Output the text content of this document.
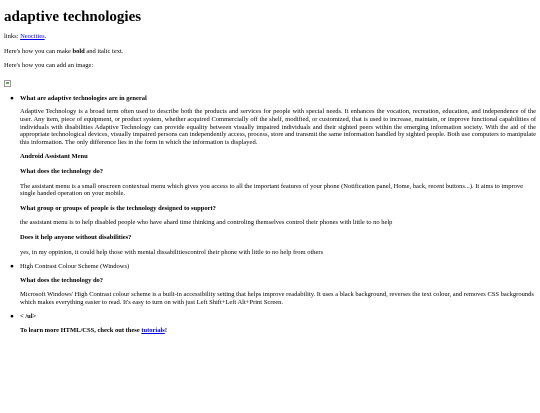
adaptive technologies

links: Neocities.

Here's how you can make bold and italic text.

Here's how you can add an image:

● What are adaptive technologies are in general

Adaptive Technology is a broad term often used to describe both the products and services for people with special needs. It enhances the vocation, recreation, education, and independence of the user. Any item, piece of equipment, or product system, whether acquired Commercially off the shelf, modified, or customized, that is used to increase, maintain, or improve functional capabilities of individuals with disabilities Adaptive Technology can provide equality between visually impaired individuals and their sighted peers within the emerging information society. With the aid of the appropriate technological devices, visually impaired persons can independently access, process, store and transmit the same information handled by sighted people. Both use computers to manipulate this information. The only difference lies in the form in which the information is displayed.

Android Assistant Menu

What does the technology do?

The assistant menu is a small onscreen contextual menu which gives you access to all the important features of your phone (Notification panel, Home, back, recent buttons...). It aims to improve single handed operation on your mobile.

What group or groups of people is the technology designed to support?

the assistant menu is to help disabled people who have ahard time thinking and controling themselves control their phones with little to no help

Does it help anyone without disabilities?

yes, in my oppinion, it could help those with mental dissabilitiescontrol their phone with little to no help from others

● High Contrast Colour Scheme (Windows)

What does the technology do?

Microsoft Windows' High Contrast colour scheme is a built-in accessibility setting that helps improve readability. It uses a black background, reverses the text colour, and removes CSS backgrounds which makes everything easier to read. It's easy to turn on with just Left Shift+Left Alt+Print Screen.

● < /ul>

To learn more HTML/CSS, check out these tutorials!
